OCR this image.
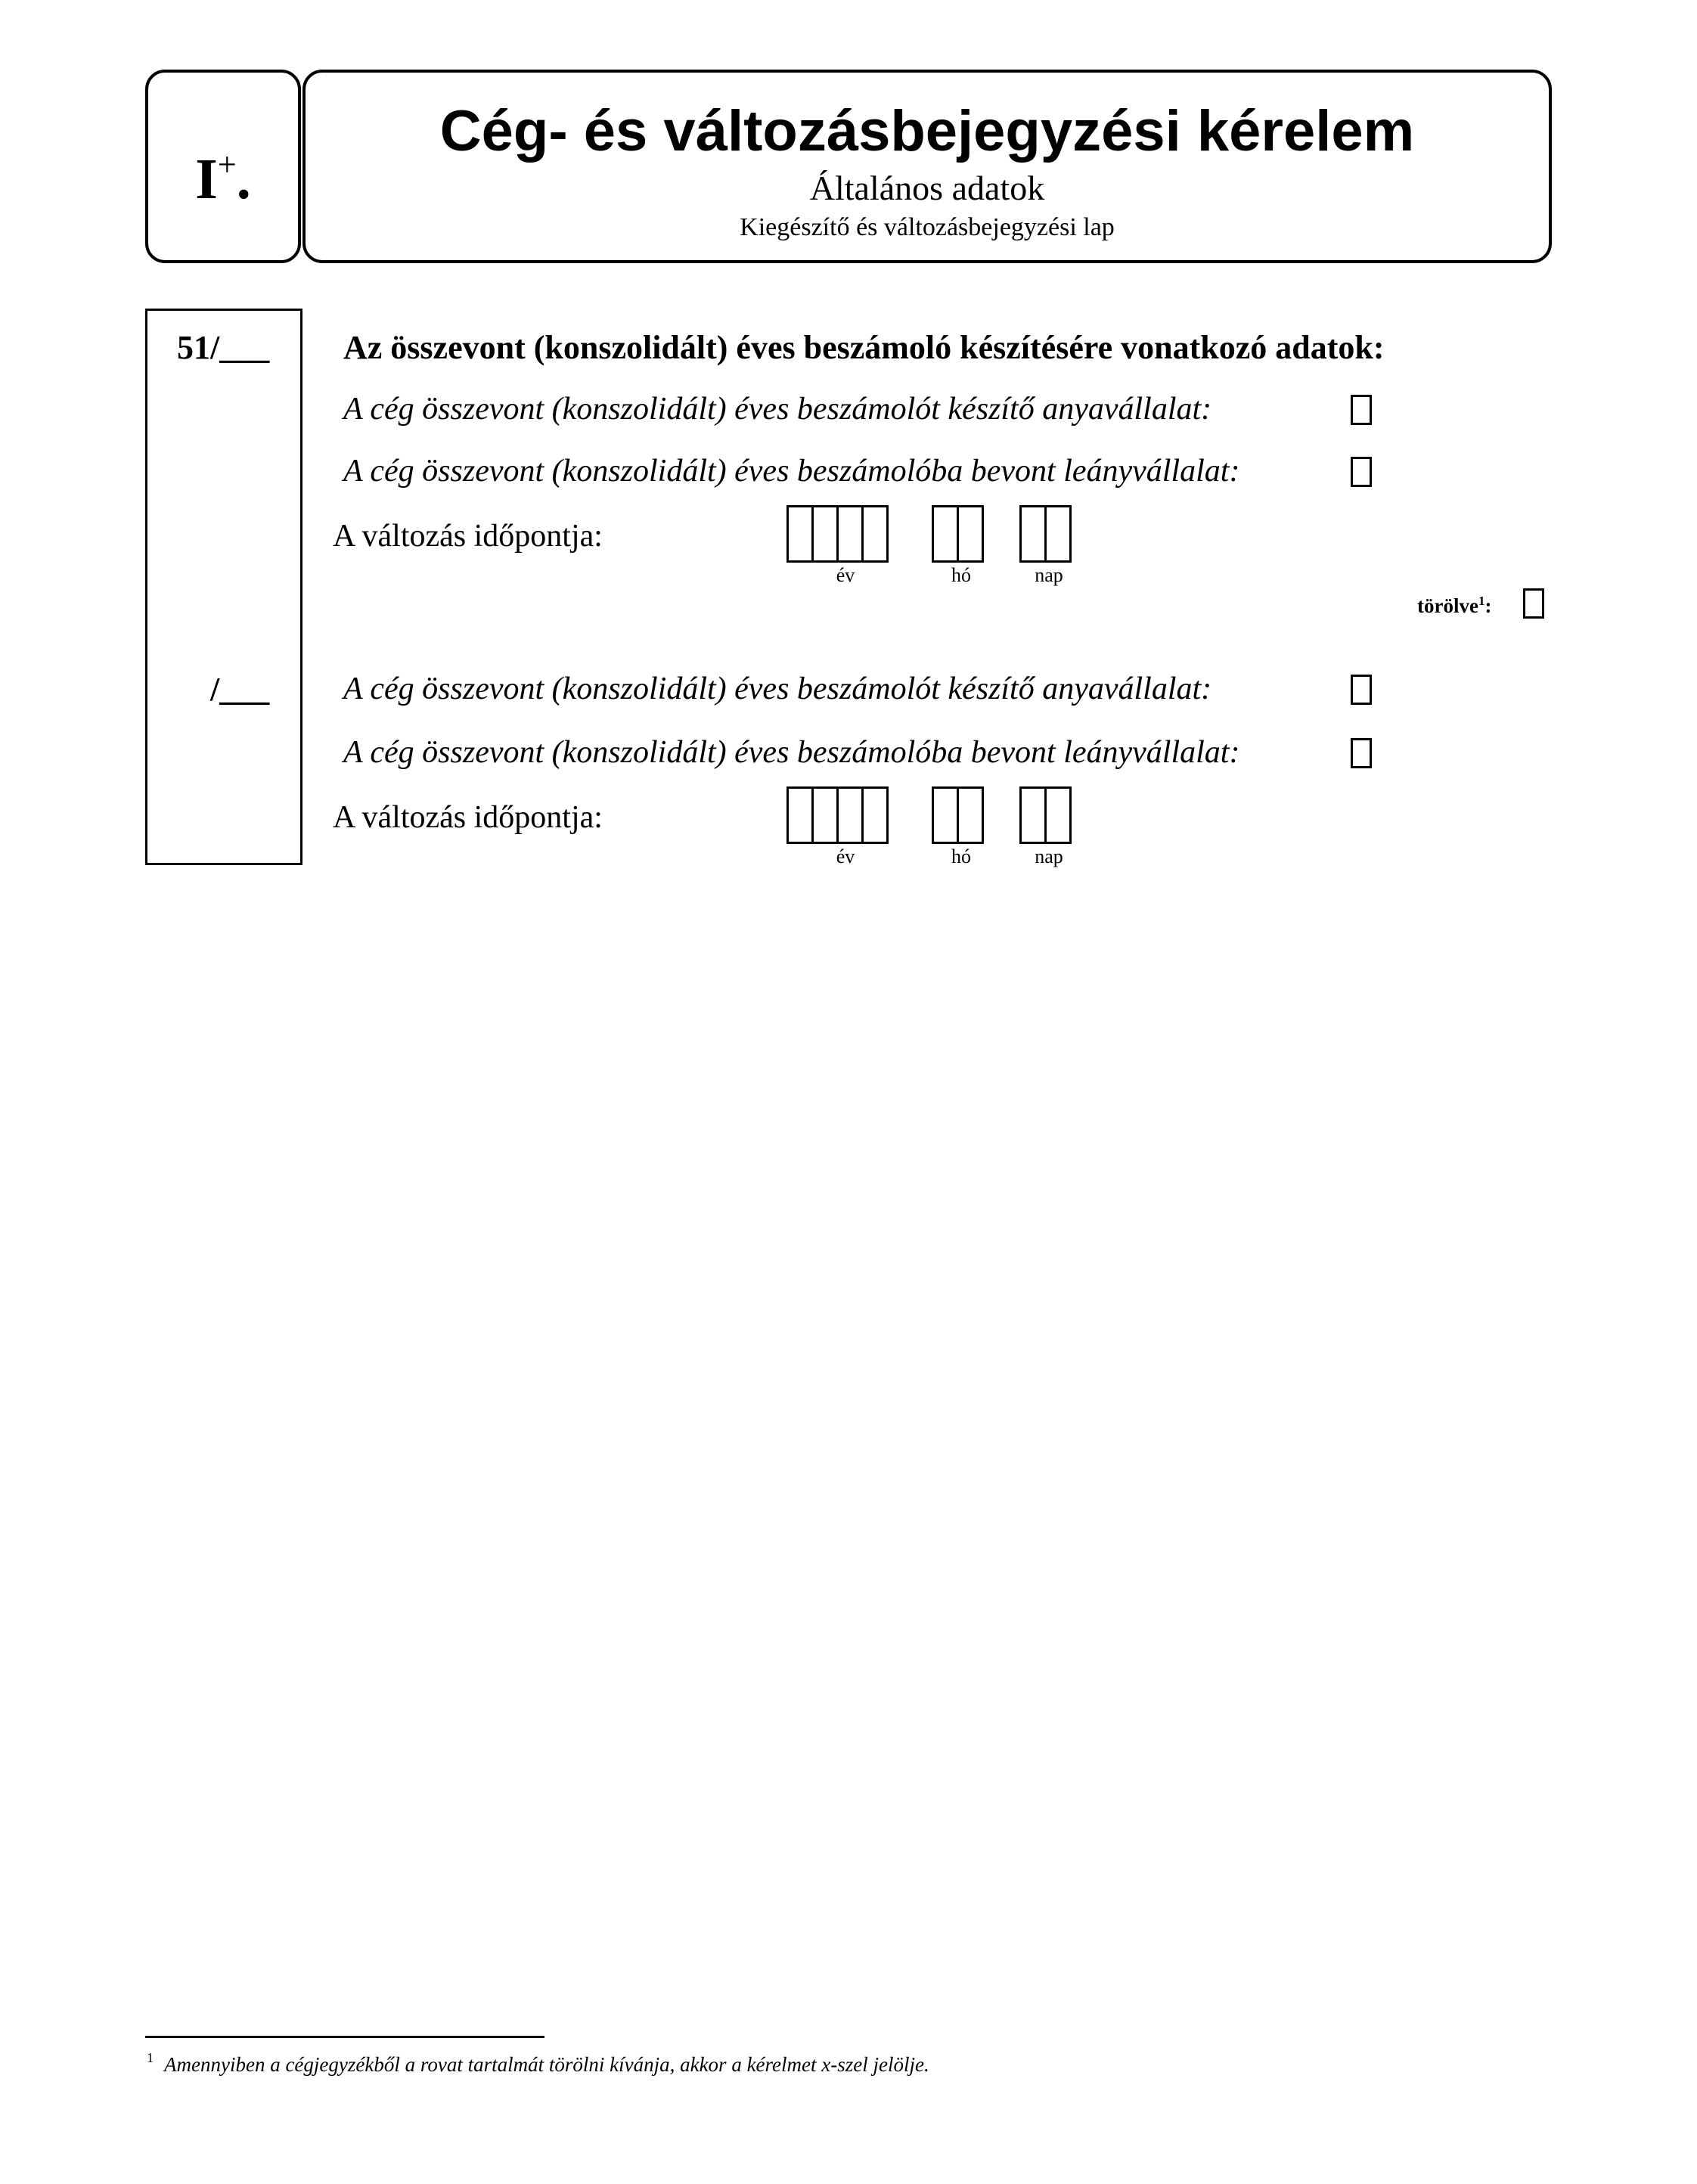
I+.
Cég- és változásbejegyzési kérelem
Általános adatok
Kiegészítő és változásbejegyzési lap
51/___
/___
Az összevont (konszolidált) éves beszámoló készítésére vonatkozó adatok:
A cég összevont (konszolidált) éves beszámolót készítő anyavállalat:
A cég összevont (konszolidált) éves beszámolóba bevont leányvállalat:
A változás időpontja:
év	hó	nap
törölve$^1$:
A cég összevont (konszolidált) éves beszámolót készítő anyavállalat:
A cég összevont (konszolidált) éves beszámolóba bevont leányvállalat:
A változás időpontja:
év	hó	nap
$^1$ Amennyiben a cégjegyzékből a rovat tartalmát törölni kívánja, akkor a kérelmet x-szel jelölje.
